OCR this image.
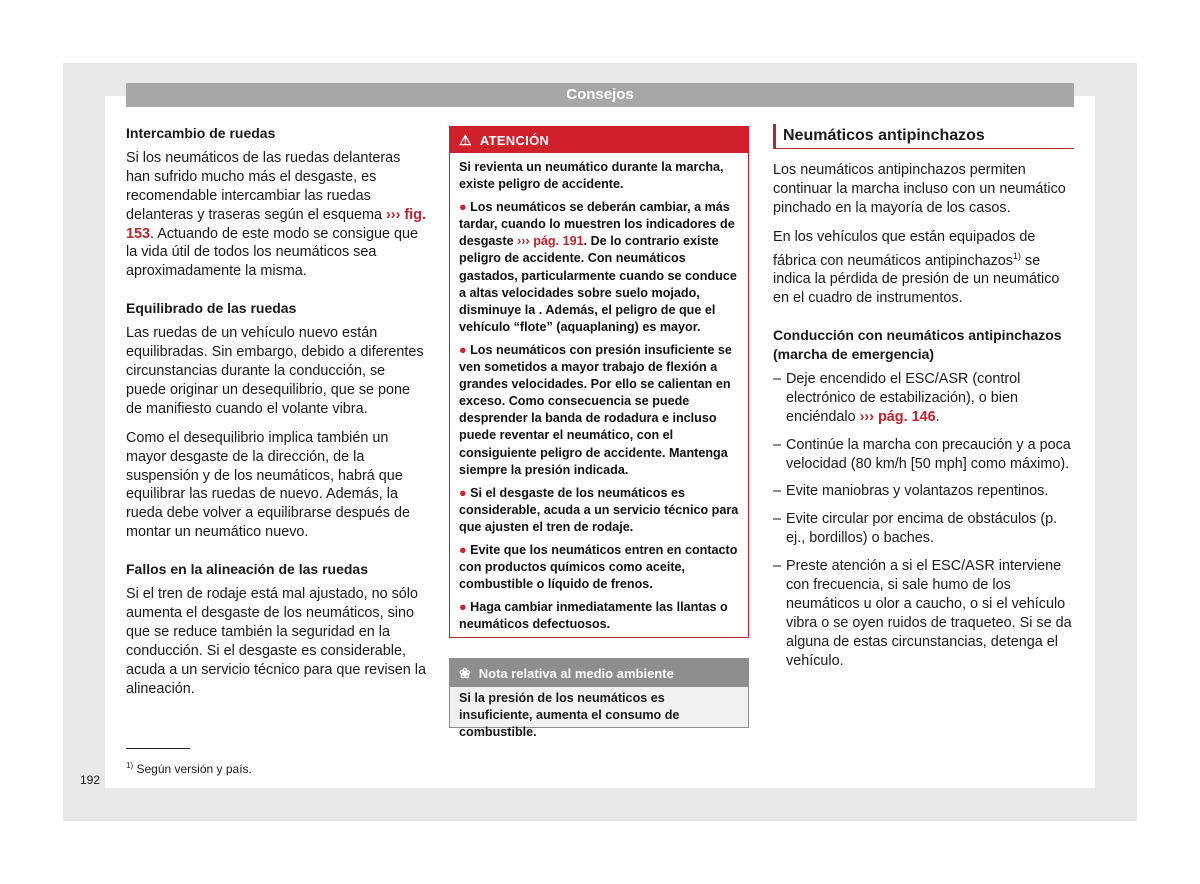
Consejos
Intercambio de ruedas

Si los neumáticos de las ruedas delanteras han sufrido mucho más el desgaste, es recomendable intercambiar las ruedas delanteras y traseras según el esquema ››› fig. 153. Actuando de este modo se consigue que la vida útil de todos los neumáticos sea aproximadamente la misma.

Equilibrado de las ruedas

Las ruedas de un vehículo nuevo están equilibradas. Sin embargo, debido a diferentes circunstancias durante la conducción, se puede originar un desequilibrio, que se pone de manifiesto cuando el volante vibra.

Como el desequilibrio implica también un mayor desgaste de la dirección, de la suspensión y de los neumáticos, habrá que equilibrar las ruedas de nuevo. Además, la rueda debe volver a equilibrarse después de montar un neumático nuevo.

Fallos en la alineación de las ruedas

Si el tren de rodaje está mal ajustado, no sólo aumenta el desgaste de los neumáticos, sino que se reduce también la seguridad en la conducción. Si el desgaste es considerable, acuda a un servicio técnico para que revisen la alineación.

⚠ ATENCIÓN

Si revienta un neumático durante la marcha, existe peligro de accidente.

● Los neumáticos se deberán cambiar, a más tardar, cuando lo muestren los indicadores de desgaste ››› pág. 191. De lo contrario existe peligro de accidente. Con neumáticos gastados, particularmente cuando se conduce a altas velocidades sobre suelo mojado, disminuye la . Además, el peligro de que el vehículo “flote” (aquaplaning) es mayor.

● Los neumáticos con presión insuficiente se ven sometidos a mayor trabajo de flexión a grandes velocidades. Por ello se calientan en exceso. Como consecuencia se puede desprender la banda de rodadura e incluso puede reventar el neumático, con el consiguiente peligro de accidente. Mantenga siempre la presión indicada.

● Si el desgaste de los neumáticos es considerable, acuda a un servicio técnico para que ajusten el tren de rodaje.

● Evite que los neumáticos entren en contacto con productos químicos como aceite, combustible o líquido de frenos.

● Haga cambiar inmediatamente las llantas o neumáticos defectuosos.

❀ Nota relativa al medio ambiente
Si la presión de los neumáticos es insuficiente, aumenta el consumo de combustible.
Neumáticos antipinchazos

Los neumáticos antipinchazos permiten continuar la marcha incluso con un neumático pinchado en la mayoría de los casos.

En los vehículos que están equipados de fábrica con neumáticos antipinchazos$^{1)}$ se indica la pérdida de presión de un neumático en el cuadro de instrumentos.

Conducción con neumáticos antipinchazos (marcha de emergencia)
– Deje encendido el ESC/ASR (control electrónico de estabilización), o bien enciéndalo ››› pág. 146.
– Continúe la marcha con precaución y a poca velocidad (80 km/h [50 mph] como máximo).
– Evite maniobras y volantazos repentinos.
– Evite circular por encima de obstáculos (p. ej., bordillos) o baches.
– Preste atención a si el ESC/ASR interviene con frecuencia, si sale humo de los neumáticos u olor a caucho, o si el vehículo vibra o se oyen ruidos de traqueteo. Si se da alguna de estas circunstancias, detenga el vehículo.
$^{1)}$ Según versión y país.
192
